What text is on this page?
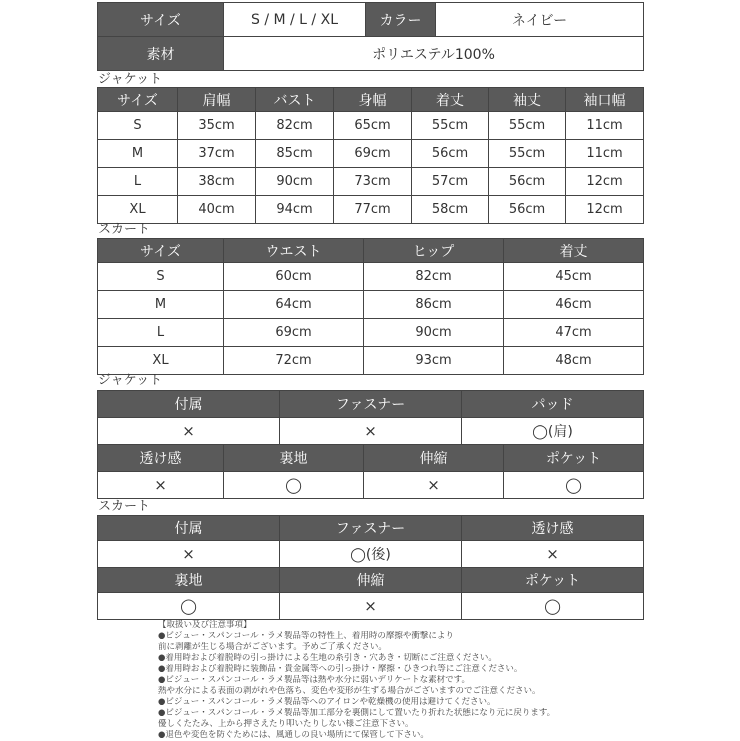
サイズ	S / M / L / XL	カラー	ネイビー
素材	ポリエステル100%		
ジャケット
サイズ	肩幅	バスト	身幅	着丈	袖丈	袖口幅
S	35cm	82cm	65cm	55cm	55cm	11cm
M	37cm	85cm	69cm	56cm	55cm	11cm
L	38cm	90cm	73cm	57cm	56cm	12cm
XL	40cm	94cm	77cm	58cm	56cm	12cm
スカート
サイズ	ウエスト	ヒップ	着丈
S	60cm	82cm	45cm
M	64cm	86cm	46cm
L	69cm	90cm	47cm
XL	72cm	93cm	48cm
ジャケット
付属	ファスナー	パッド
×	×	◯(肩)
透け感	裏地	伸縮	ポケット
×	◯	×	◯
スカート
付属	ファスナー	透け感
×	◯(後)	×
裏地	伸縮	ポケット
◯	×	◯
【取扱い及び注意事項】
●ビジュー・スパンコール・ラメ製品等の特性上、着用時の摩擦や衝撃により
前に剥離が生じる場合がございます。予めご了承ください。
●着用時および着脱時の引っ掛けによる生地の糸引き・穴あき・切断にご注意ください。
●着用時および着脱時に装飾品・貴金属等への引っ掛け・摩擦・ひきつれ等にご注意ください。
●ビジュー・スパンコール・ラメ製品等は熱や水分に弱いデリケートな素材です。
熱や水分による表面の剥がれや色落ち、変色や変形が生ずる場合がございますのでご注意ください。
●ビジュー・スパンコール・ラメ製品等へのアイロンや乾燥機の使用は避けてください。
●ビジュー・スパンコール・ラメ製品等加工部分を裏側にして置いたり折れた状態になり元に戻ります。
優しくたたみ、上から押さえたり叩いたりしない様ご注意下さい。
●退色や変色を防ぐためには、風通しの良い場所にて保管して下さい。
